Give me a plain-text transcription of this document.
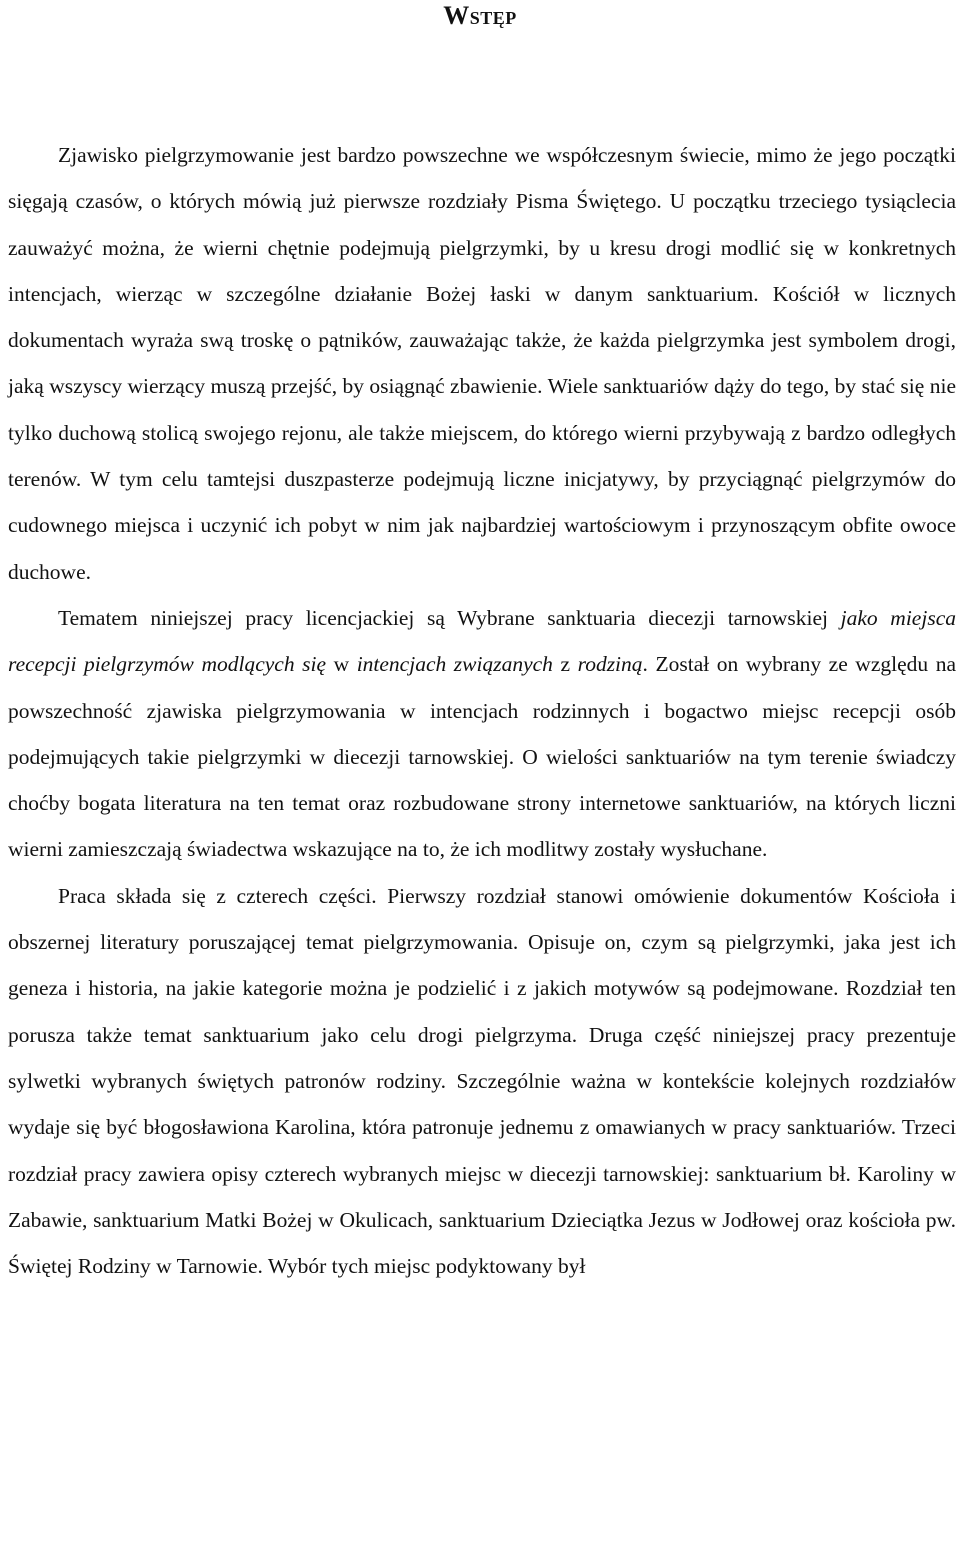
Wstęp

Zjawisko pielgrzymowanie jest bardzo powszechne we współczesnym świecie, mimo że jego początki sięgają czasów, o których mówią już pierwsze rozdziały Pisma Świętego. U początku trzeciego tysiąclecia zauważyć można, że wierni chętnie podejmują pielgrzymki, by u kresu drogi modlić się w konkretnych intencjach, wierząc w szczególne działanie Bożej łaski w danym sanktuarium. Kościół w licznych dokumentach wyraża swą troskę o pątników, zauważając także, że każda pielgrzymka jest symbolem drogi, jaką wszyscy wierzący muszą przejść, by osiągnąć zbawienie. Wiele sanktuariów dąży do tego, by stać się nie tylko duchową stolicą swojego rejonu, ale także miejscem, do którego wierni przybywają z bardzo odległych terenów. W tym celu tamtejsi duszpasterze podejmują liczne inicjatywy, by przyciągnąć pielgrzymów do cudownego miejsca i uczynić ich pobyt w nim jak najbardziej wartościowym i przynoszącym obfite owoce duchowe.

Tematem niniejszej pracy licencjackiej są Wybrane sanktuaria diecezji tarnowskiej jako miejsca recepcji pielgrzymów modlących się w intencjach związanych z rodziną. Został on wybrany ze względu na powszechność zjawiska pielgrzymowania w intencjach rodzinnych i bogactwo miejsc recepcji osób podejmujących takie pielgrzymki w diecezji tarnowskiej. O wielości sanktuariów na tym terenie świadczy choćby bogata literatura na ten temat oraz rozbudowane strony internetowe sanktuariów, na których liczni wierni zamieszczają świadectwa wskazujące na to, że ich modlitwy zostały wysłuchane.

Praca składa się z czterech części. Pierwszy rozdział stanowi omówienie dokumentów Kościoła i obszernej literatury poruszającej temat pielgrzymowania. Opisuje on, czym są pielgrzymki, jaka jest ich geneza i historia, na jakie kategorie można je podzielić i z jakich motywów są podejmowane. Rozdział ten porusza także temat sanktuarium jako celu drogi pielgrzyma. Druga część niniejszej pracy prezentuje sylwetki wybranych świętych patronów rodziny. Szczególnie ważna w kontekście kolejnych rozdziałów wydaje się być błogosławiona Karolina, która patronuje jednemu z omawianych w pracy sanktuariów. Trzeci rozdział pracy zawiera opisy czterech wybranych miejsc w diecezji tarnowskiej: sanktuarium bł. Karoliny w Zabawie, sanktuarium Matki Bożej w Okulicach, sanktuarium Dzieciątka Jezus w Jodłowej oraz kościoła pw. Świętej Rodziny w Tarnowie. Wybór tych miejsc podyktowany był
